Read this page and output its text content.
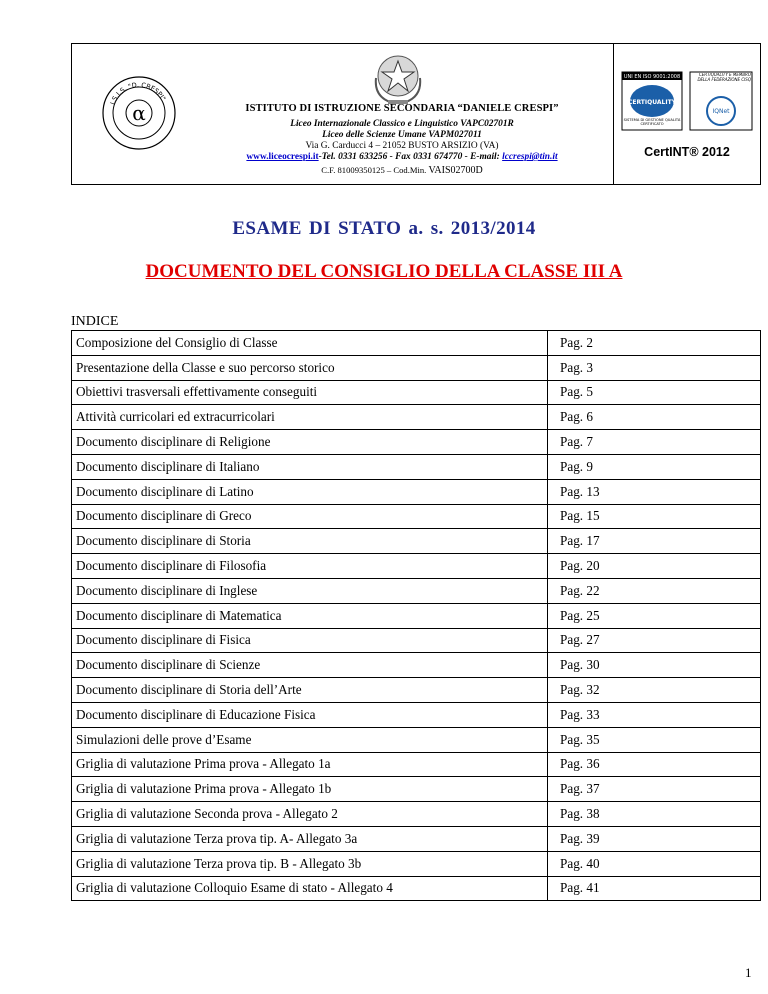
α
I.S.I.S. "D. CRESPI"
ISTITUTO DI ISTRUZIONE SECONDARIA “DANIELE CRESPI”
Liceo Internazionale Classico e Linguistico VAPC02701R
Liceo delle Scienze Umane VAPM027011
Via G. Carducci 4 – 21052 BUSTO ARSIZIO (VA)
www.liceocrespi.it-Tel. 0331 633256 - Fax 0331 674770 - E-mail: lccrespi@tin.it
C.F. 81009350125 – Cod.Min. VAIS02700D
UNI EN ISO 9001:2008
CERTIQUALITY
SISTEMA DI GESTIONE QUALITÀ CERTIFICATO
CERTIQUALITY È MEMBRO DELLA FEDERAZIONE CISQ
IQNet
CertINT® 2012
ESAME DI STATO a. s. 2013/2014
DOCUMENTO DEL CONSIGLIO DELLA CLASSE III A
INDICE
Composizione del Consiglio di Classe	Pag. 2
Presentazione della Classe e suo percorso storico	Pag. 3
Obiettivi trasversali effettivamente conseguiti	Pag. 5
Attività curricolari ed extracurricolari	Pag. 6
Documento disciplinare di Religione	Pag. 7
Documento disciplinare di Italiano	Pag. 9
Documento disciplinare di Latino	Pag. 13
Documento disciplinare di Greco	Pag. 15
Documento disciplinare di Storia	Pag. 17
Documento disciplinare di Filosofia	Pag. 20
Documento disciplinare di Inglese	Pag. 22
Documento disciplinare di Matematica	Pag. 25
Documento disciplinare di Fisica	Pag. 27
Documento disciplinare di Scienze	Pag. 30
Documento disciplinare di Storia dell’Arte	Pag. 32
Documento disciplinare di Educazione Fisica	Pag. 33
Simulazioni delle prove d’Esame	Pag. 35
Griglia di valutazione Prima prova - Allegato 1a	Pag. 36
Griglia di valutazione Prima prova - Allegato 1b	Pag. 37
Griglia di valutazione Seconda prova - Allegato 2	Pag. 38
Griglia di valutazione Terza prova tip. A- Allegato 3a	Pag. 39
Griglia di valutazione Terza prova tip. B - Allegato 3b	Pag. 40
Griglia di valutazione Colloquio Esame di stato - Allegato 4	Pag. 41
1
